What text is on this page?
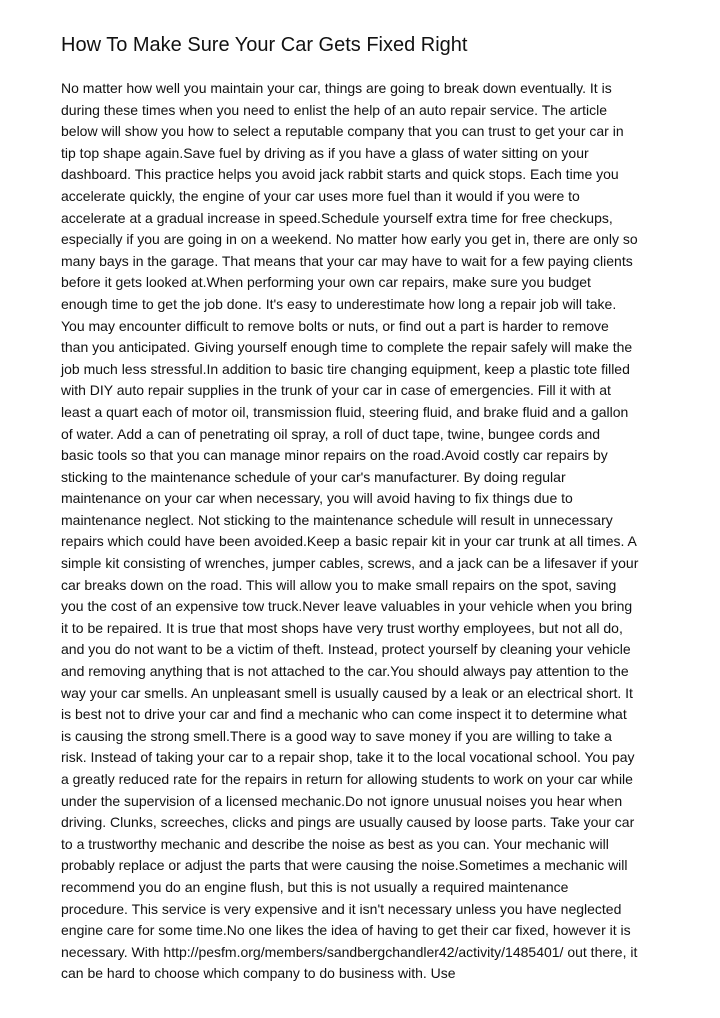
How To Make Sure Your Car Gets Fixed Right
No matter how well you maintain your car, things are going to break down eventually. It is
during these times when you need to enlist the help of an auto repair service. The article
below will show you how to select a reputable company that you can trust to get your car in
tip top shape again.Save fuel by driving as if you have a glass of water sitting on your
dashboard. This practice helps you avoid jack rabbit starts and quick stops. Each time you
accelerate quickly, the engine of your car uses more fuel than it would if you were to
accelerate at a gradual increase in speed.Schedule yourself extra time for free checkups,
especially if you are going in on a weekend. No matter how early you get in, there are only so
many bays in the garage. That means that your car may have to wait for a few paying clients
before it gets looked at.When performing your own car repairs, make sure you budget
enough time to get the job done. It's easy to underestimate how long a repair job will take.
You may encounter difficult to remove bolts or nuts, or find out a part is harder to remove
than you anticipated. Giving yourself enough time to complete the repair safely will make the
job much less stressful.In addition to basic tire changing equipment, keep a plastic tote filled
with DIY auto repair supplies in the trunk of your car in case of emergencies. Fill it with at
least a quart each of motor oil, transmission fluid, steering fluid, and brake fluid and a gallon
of water. Add a can of penetrating oil spray, a roll of duct tape, twine, bungee cords and
basic tools so that you can manage minor repairs on the road.Avoid costly car repairs by
sticking to the maintenance schedule of your car's manufacturer. By doing regular
maintenance on your car when necessary, you will avoid having to fix things due to
maintenance neglect. Not sticking to the maintenance schedule will result in unnecessary
repairs which could have been avoided.Keep a basic repair kit in your car trunk at all times. A
simple kit consisting of wrenches, jumper cables, screws, and a jack can be a lifesaver if your
car breaks down on the road. This will allow you to make small repairs on the spot, saving
you the cost of an expensive tow truck.Never leave valuables in your vehicle when you bring
it to be repaired. It is true that most shops have very trust worthy employees, but not all do,
and you do not want to be a victim of theft. Instead, protect yourself by cleaning your vehicle
and removing anything that is not attached to the car.You should always pay attention to the
way your car smells. An unpleasant smell is usually caused by a leak or an electrical short. It
is best not to drive your car and find a mechanic who can come inspect it to determine what
is causing the strong smell.There is a good way to save money if you are willing to take a
risk. Instead of taking your car to a repair shop, take it to the local vocational school. You pay
a greatly reduced rate for the repairs in return for allowing students to work on your car while
under the supervision of a licensed mechanic.Do not ignore unusual noises you hear when
driving. Clunks, screeches, clicks and pings are usually caused by loose parts. Take your car
to a trustworthy mechanic and describe the noise as best as you can. Your mechanic will
probably replace or adjust the parts that were causing the noise.Sometimes a mechanic will
recommend you do an engine flush, but this is not usually a required maintenance
procedure. This service is very expensive and it isn't necessary unless you have neglected
engine care for some time.No one likes the idea of having to get their car fixed, however it is
necessary. With http://pesfm.org/members/sandbergchandler42/activity/1485401/ out there, it
can be hard to choose which company to do business with. Use
